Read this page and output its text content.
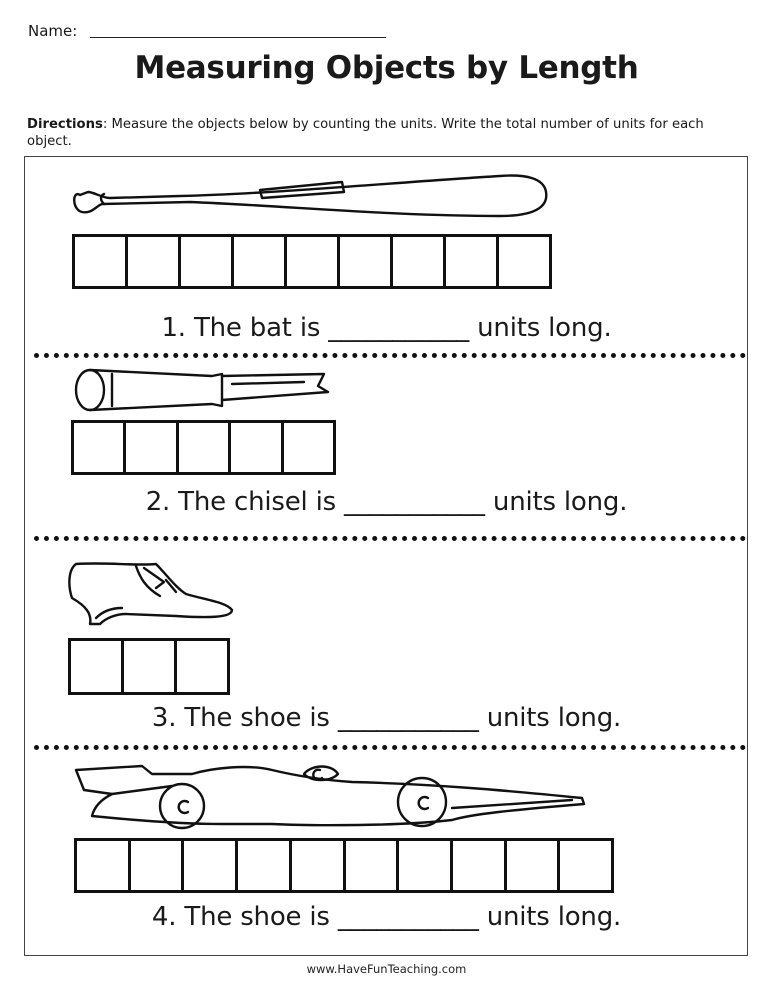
Name:
Measuring Objects by Length
Directions: Measure the objects below by counting the units. Write the total number of units for each object.
1. The bat is ___________ units long.
2. The chisel is ___________ units long.
3. The shoe is ___________ units long.
4. The shoe is ___________ units long.
www.HaveFunTeaching.com
